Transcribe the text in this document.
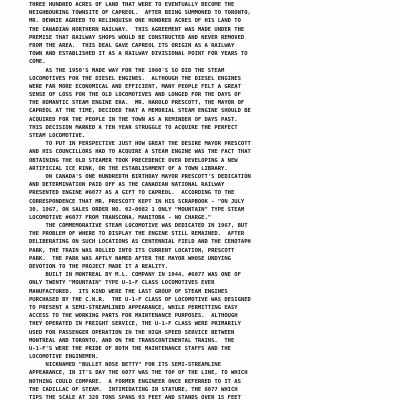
THREE HUNDRED ACRES OF LAND THAT WERE TO EVENTUALLY BECOME THE
NEIGHBOURING TOWNSITE OF CAPREOL.  AFTER BEING SUMMONED TO TORONTO,
MR. DENNIE AGREED TO RELINQUISH ONE HUNDRED ACRES OF HIS LAND TO
THE CANADIAN NORTHERN RAILWAY.  THIS AGREEMENT WAS MADE UNDER THE
PREMISE THAT RAILWAY SHOPS WOULD BE CONSTRUCTED AND NEVER REMOVED
FROM THE AREA.  THIS DEAL GAVE CAPREOL ITS ORIGIN AS A RAILWAY
TOWN AND ESTABLISHED IT AS A RAILWAY DIVISIONAL POINT FOR YEARS TO
COME.
AS THE 1950'S MADE WAY FOR THE 1960'S SO DID THE STEAM
LOCOMOTIVES FOR THE DIESEL ENGINES.  ALTHOUGH THE DIESEL ENGINES
WERE FAR MORE ECONOMICAL AND EFFICIENT, MANY PEOPLE FELT A GREAT
SENSE OF LOSS FOR THE OLD LOCOMOTIVES AND LONGED FOR THE DAYS OF
THE ROMANTIC STEAM ENGINE ERA.  MR. HAROLD PRESCOTT, THE MAYOR OF
CAPREOL AT THE TIME, DECIDED THAT A MEMORIAL STEAM ENGINE SHOULD BE
ACQUIRED FOR THE PEOPLE IN THE TOWN AS A REMINDER OF DAYS PAST.
THIS DECISION MARKED A TEN YEAR STRUGGLE TO ACQUIRE THE PERFECT
STEAM LOCOMOTIVE.
TO PUT IN PERSPECTIVE JUST HOW GREAT THE DESIRE MAYOR PRESCOTT
AND HIS COUNCILLORS HAD TO ACQUIRE A STEAM ENGINE WAS THE FACT THAT
OBTAINING THE OLD STEAMER TOOK PRECEDENCE OVER DEVELOPING A NEW
ARTIFICIAL ICE RINK, OR THE ESTABLISHMENT OF A TOWN LIBRARY.
ON CANADA'S ONE HUNDREDTH BIRTHDAY MAYOR PRESCOTT'S DEDICATION
AND DETERMINATION PAID OFF AS THE CANADIAN NATIONAL RAILWAY
PRESENTED ENGINE #6077 AS A GIFT TO CAPREOL.  ACCORDING TO THE
CORRESPONDENCE THAT MR. PRESCOTT KEPT IN HIS SCRAPBOOK - "ON JULY
30, 1967, ON SALES ORDER NO. 02-0082 1 ONLY "MOUNTAIN" TYPE STEAM
LOCOMOTIVE #6077 FROM TRANSCONA, MANITOBA - NO CHARGE."
THE COMMEMORATIVE STEAM LOCOMOTIVE WAS DEDICATED IN 1967, BUT
THE PROBLEM OF WHERE TO DISPLAY THE ENGINE STILL REMAINED.  AFTER
DELIBERATING ON SUCH LOCATIONS AS CENTENNIAL FIELD AND THE CENOTAPH
PARK, THE TRAIN WAS ROLLED INTO ITS CURRENT LOCATION, PRESCOTT
PARK.  THE PARK WAS APTLY NAMED AFTER THE MAYOR WHOSE UNDYING
DEVOTION TO THE PROJECT MADE IT A REALITY.
BUILT IN MONTREAL BY M.L. COMPANY IN 1944, #6077 WAS ONE OF
ONLY TWENTY "MOUNTAIN" TYPE U-1-F CLASS LOCOMOTIVES EVER
MANUFACTURED.  ITS KIND WERE THE LAST GROUP OF STEAM ENGINES
PURCHASED BY THE C.N.R.  THE U-1-F CLASS OF LOCOMOTIVE WAS DESIGNED
TO PRESENT A SEMI-STREAMLINED APPEARANCE, WHILE PERMITTING EASY
ACCESS TO THE WORKING PARTS FOR MAINTENANCE PURPOSES.  ALTHOUGH
THEY OPERATED IN FREIGHT SERVICE, THE U-1-F CLASS WERE PRIMARILY
USED FOR PASSENGER OPERATION IN THE HIGH SPEED SERVICE BETWEEN
MONTREAL AND TORONTO, AND ON THE TRANSCONTINENTAL TRAINS.  THE
U-1-F'S WERE THE PRIDE OF BOTH THE MAINTENANCE STAFFS AND THE
LOCOMOTIVE ENGINEMEN.
NICKNAMED "BULLET NOSE BETTY" FOR ITS SEMI-STREAMLINE
APPEARANCE, IN IT'S DAY THE 6077 WAS THE TOP OF THE LINE, TO WHICH
NOTHING COULD COMPARE.  A FORMER ENGINEER ONCE REFERRED TO IT AS
THE CADILLAC OF STEAM.  INTIMIDATING IN STATURE, THE 6077 WHICH
TIPS THE SCALE AT 320 TONS SPANS 93 FEET AND STANDS OVER 15 FEET
